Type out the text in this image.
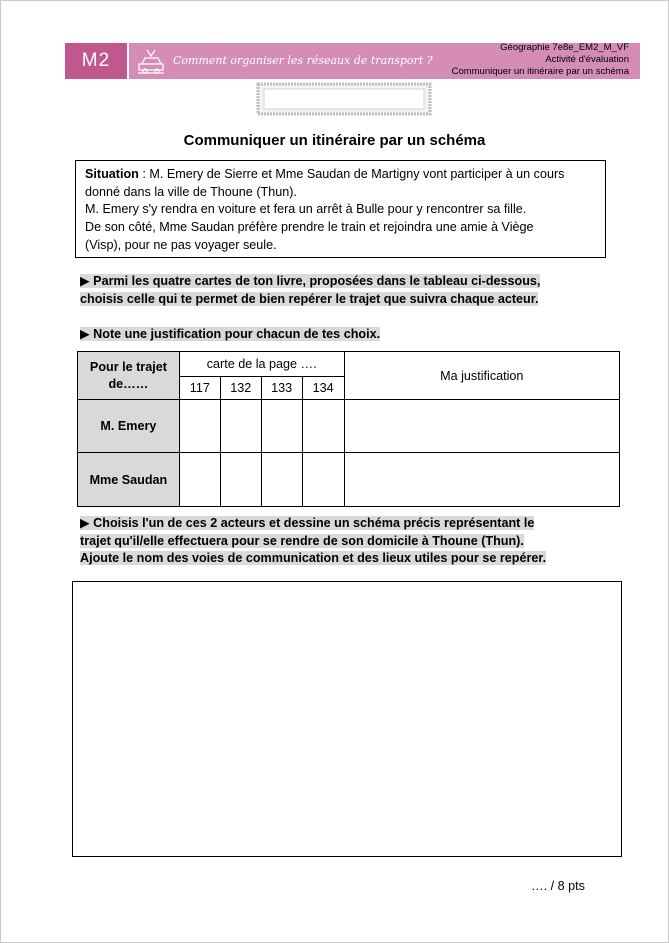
M2	Comment organiser les réseaux de transport ?
Géographie 7e8e_EM2_M_VF
Activité d'évaluation
Communiquer un itinéraire par un schéma
Communiquer un itinéraire par un schéma
Situation : M. Emery de Sierre et Mme Saudan de Martigny vont participer à un cours
donné dans la ville de Thoune (Thun).
M. Emery s'y rendra en voiture et fera un arrêt à Bulle pour y rencontrer sa fille.
De son côté, Mme Saudan préfère prendre le train et rejoindra une amie à Viège
(Visp), pour ne pas voyager seule.
▶ Parmi les quatre cartes de ton livre, proposées dans le tableau ci-dessous,
choisis celle qui te permet de bien repérer le trajet que suivra chaque acteur.
▶ Note une justification pour chacun de tes choix.
Pour le trajet
de……	carte de la page ….				Ma justification
	117	132	133	134	
M. Emery					
Mme Saudan					
▶ Choisis l'un de ces 2 acteurs et dessine un schéma précis représentant le
trajet qu'il/elle effectuera pour se rendre de son domicile à Thoune (Thun).
Ajoute le nom des voies de communication et des lieux utiles pour se repérer.
…. / 8 pts
